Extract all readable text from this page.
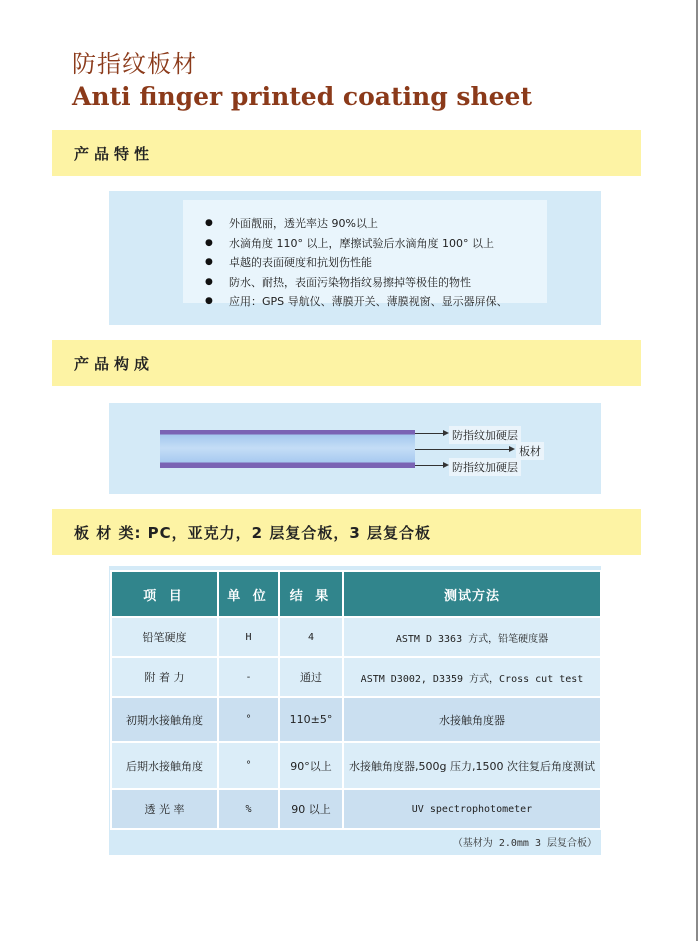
防指纹板材
Anti finger printed coating sheet
产品特性
● 外面靓丽，透光率达 90%以上
● 水滴角度 110° 以上，摩擦试验后水滴角度 100° 以上
● 卓越的表面硬度和抗划伤性能
● 防水、耐热，表面污染物指纹易擦掉等极佳的物性
● 应用：GPS 导航仪、薄膜开关、薄膜视窗、显示器屏保、
产品构成
防指纹加硬层
板材
防指纹加硬层
板 材 类: PC，亚克力，2 层复合板，3 层复合板
项 目	单 位	结 果	测试方法
铅笔硬度	H	4	ASTM D 3363 方式，铅笔硬度器
附 着 力	-	通过	ASTM D3002, D3359 方式，Cross cut test
初期水接触角度	°	110±5°	水接触角度器
后期水接触角度	°	90°以上	水接触角度器,500g 压力,1500 次往复后角度测试
透 光 率	%	90 以上	UV spectrophotometer
（基材为 2.0mm 3 层复合板）
